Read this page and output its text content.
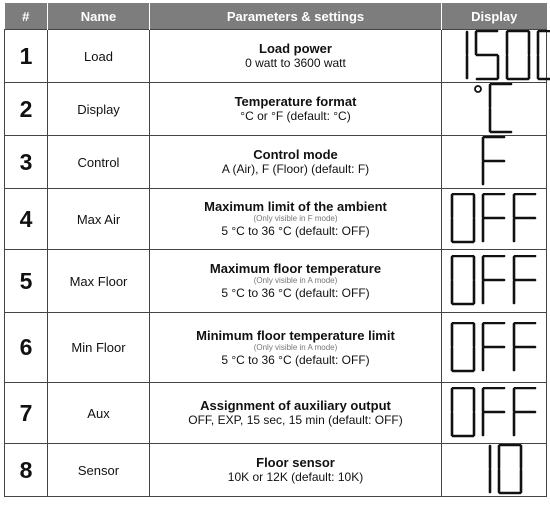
#	Name	Parameters & settings	Display
1	Load	Load power
0 watt to 3600 watt

2	Display	Temperature format
°C or °F (default: °C)

3	Control	Control mode
A (Air), F (Floor) (default: F)

4	Max Air	Maximum limit of the ambient
(Only visible in F mode)
5 °C to 36 °C (default: OFF)

5	Max Floor	Maximum floor temperature
(Only visible in A mode)
5 °C to 36 °C (default: OFF)

6	Min Floor	Minimum floor temperature limit
(Only visible in A mode)
5 °C to 36 °C (default: OFF)

7	Aux	Assignment of auxiliary output
OFF, EXP, 15 sec, 15 min (default: OFF)

8	Sensor	Floor sensor
10K or 12K (default: 10K)
